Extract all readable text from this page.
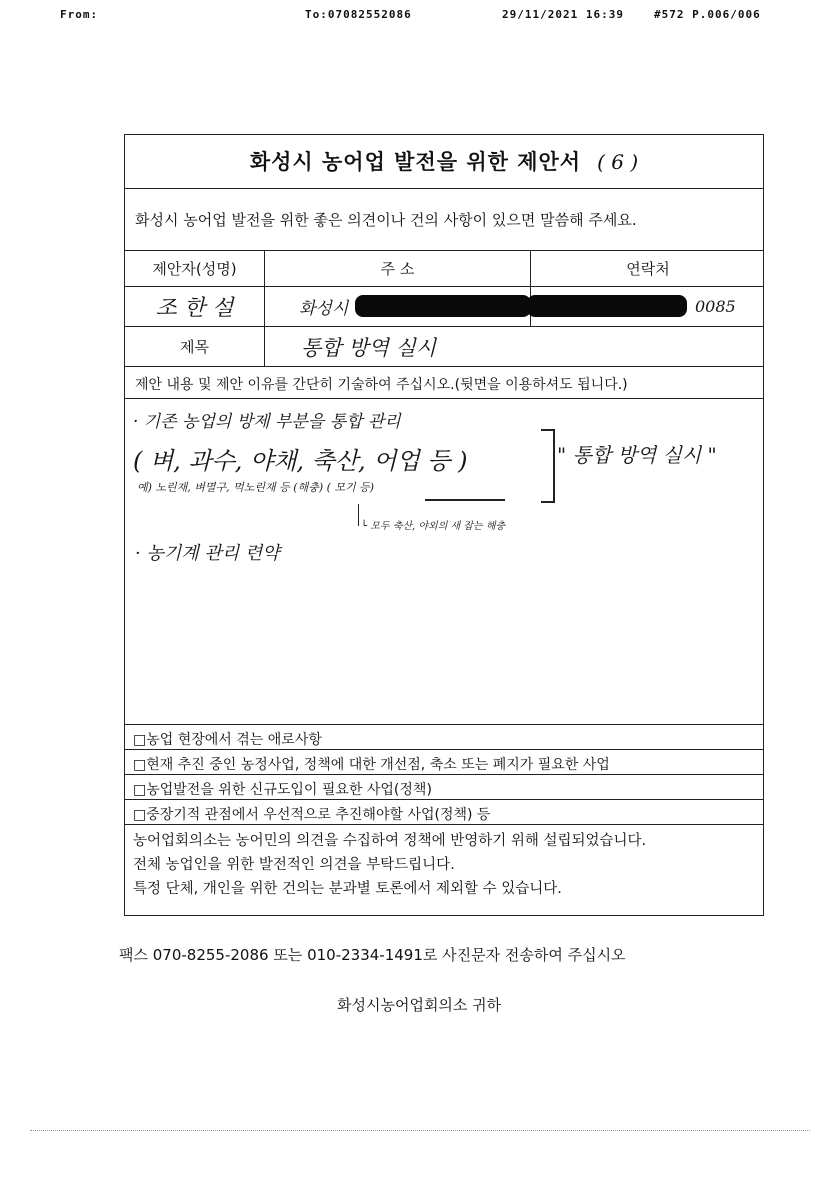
From:	To:07082552086	29/11/2021 16:39	#572 P.006/006
화성시 농어업 발전을 위한 제안서 ( 6 )
화성시 농어업 발전을 위한 좋은 의견이나 건의 사항이 있으면 말씀해 주세요.
제안자(성명)	주 소	연락처
조 한 설	화성시	0085
제목	통합 방역 실시
제안 내용 및 제안 이유를 간단히 기술하여 주십시오.(뒷면을 이용하셔도 됩니다.)
· 기존 농업의 방제 부분을 통합 관리
( 벼, 과수, 야채, 축산, 어업 등 )
예) 노린재, 벼멸구, 먹노린재 등 (해충) ( 모기 등)
└ 모두 축산, 야외의 새 잡는 해충
" 통합 방역 실시 "
· 농기계 관리 련약
□농업 현장에서 겪는 애로사항
□현재 추진 중인 농정사업, 정책에 대한 개선점, 축소 또는 폐지가 필요한 사업
□농업발전을 위한 신규도입이 필요한 사업(정책)
□중장기적 관점에서 우선적으로 추진해야할 사업(정책) 등
농어업회의소는 농어민의 의견을 수집하여 정책에 반영하기 위해 설립되었습니다.
전체 농업인을 위한 발전적인 의견을 부탁드립니다.
특정 단체, 개인을 위한 건의는 분과별 토론에서 제외할 수 있습니다.
팩스 070-8255-2086 또는 010-2334-1491로 사진문자 전송하여 주십시오
화성시농어업회의소 귀하
